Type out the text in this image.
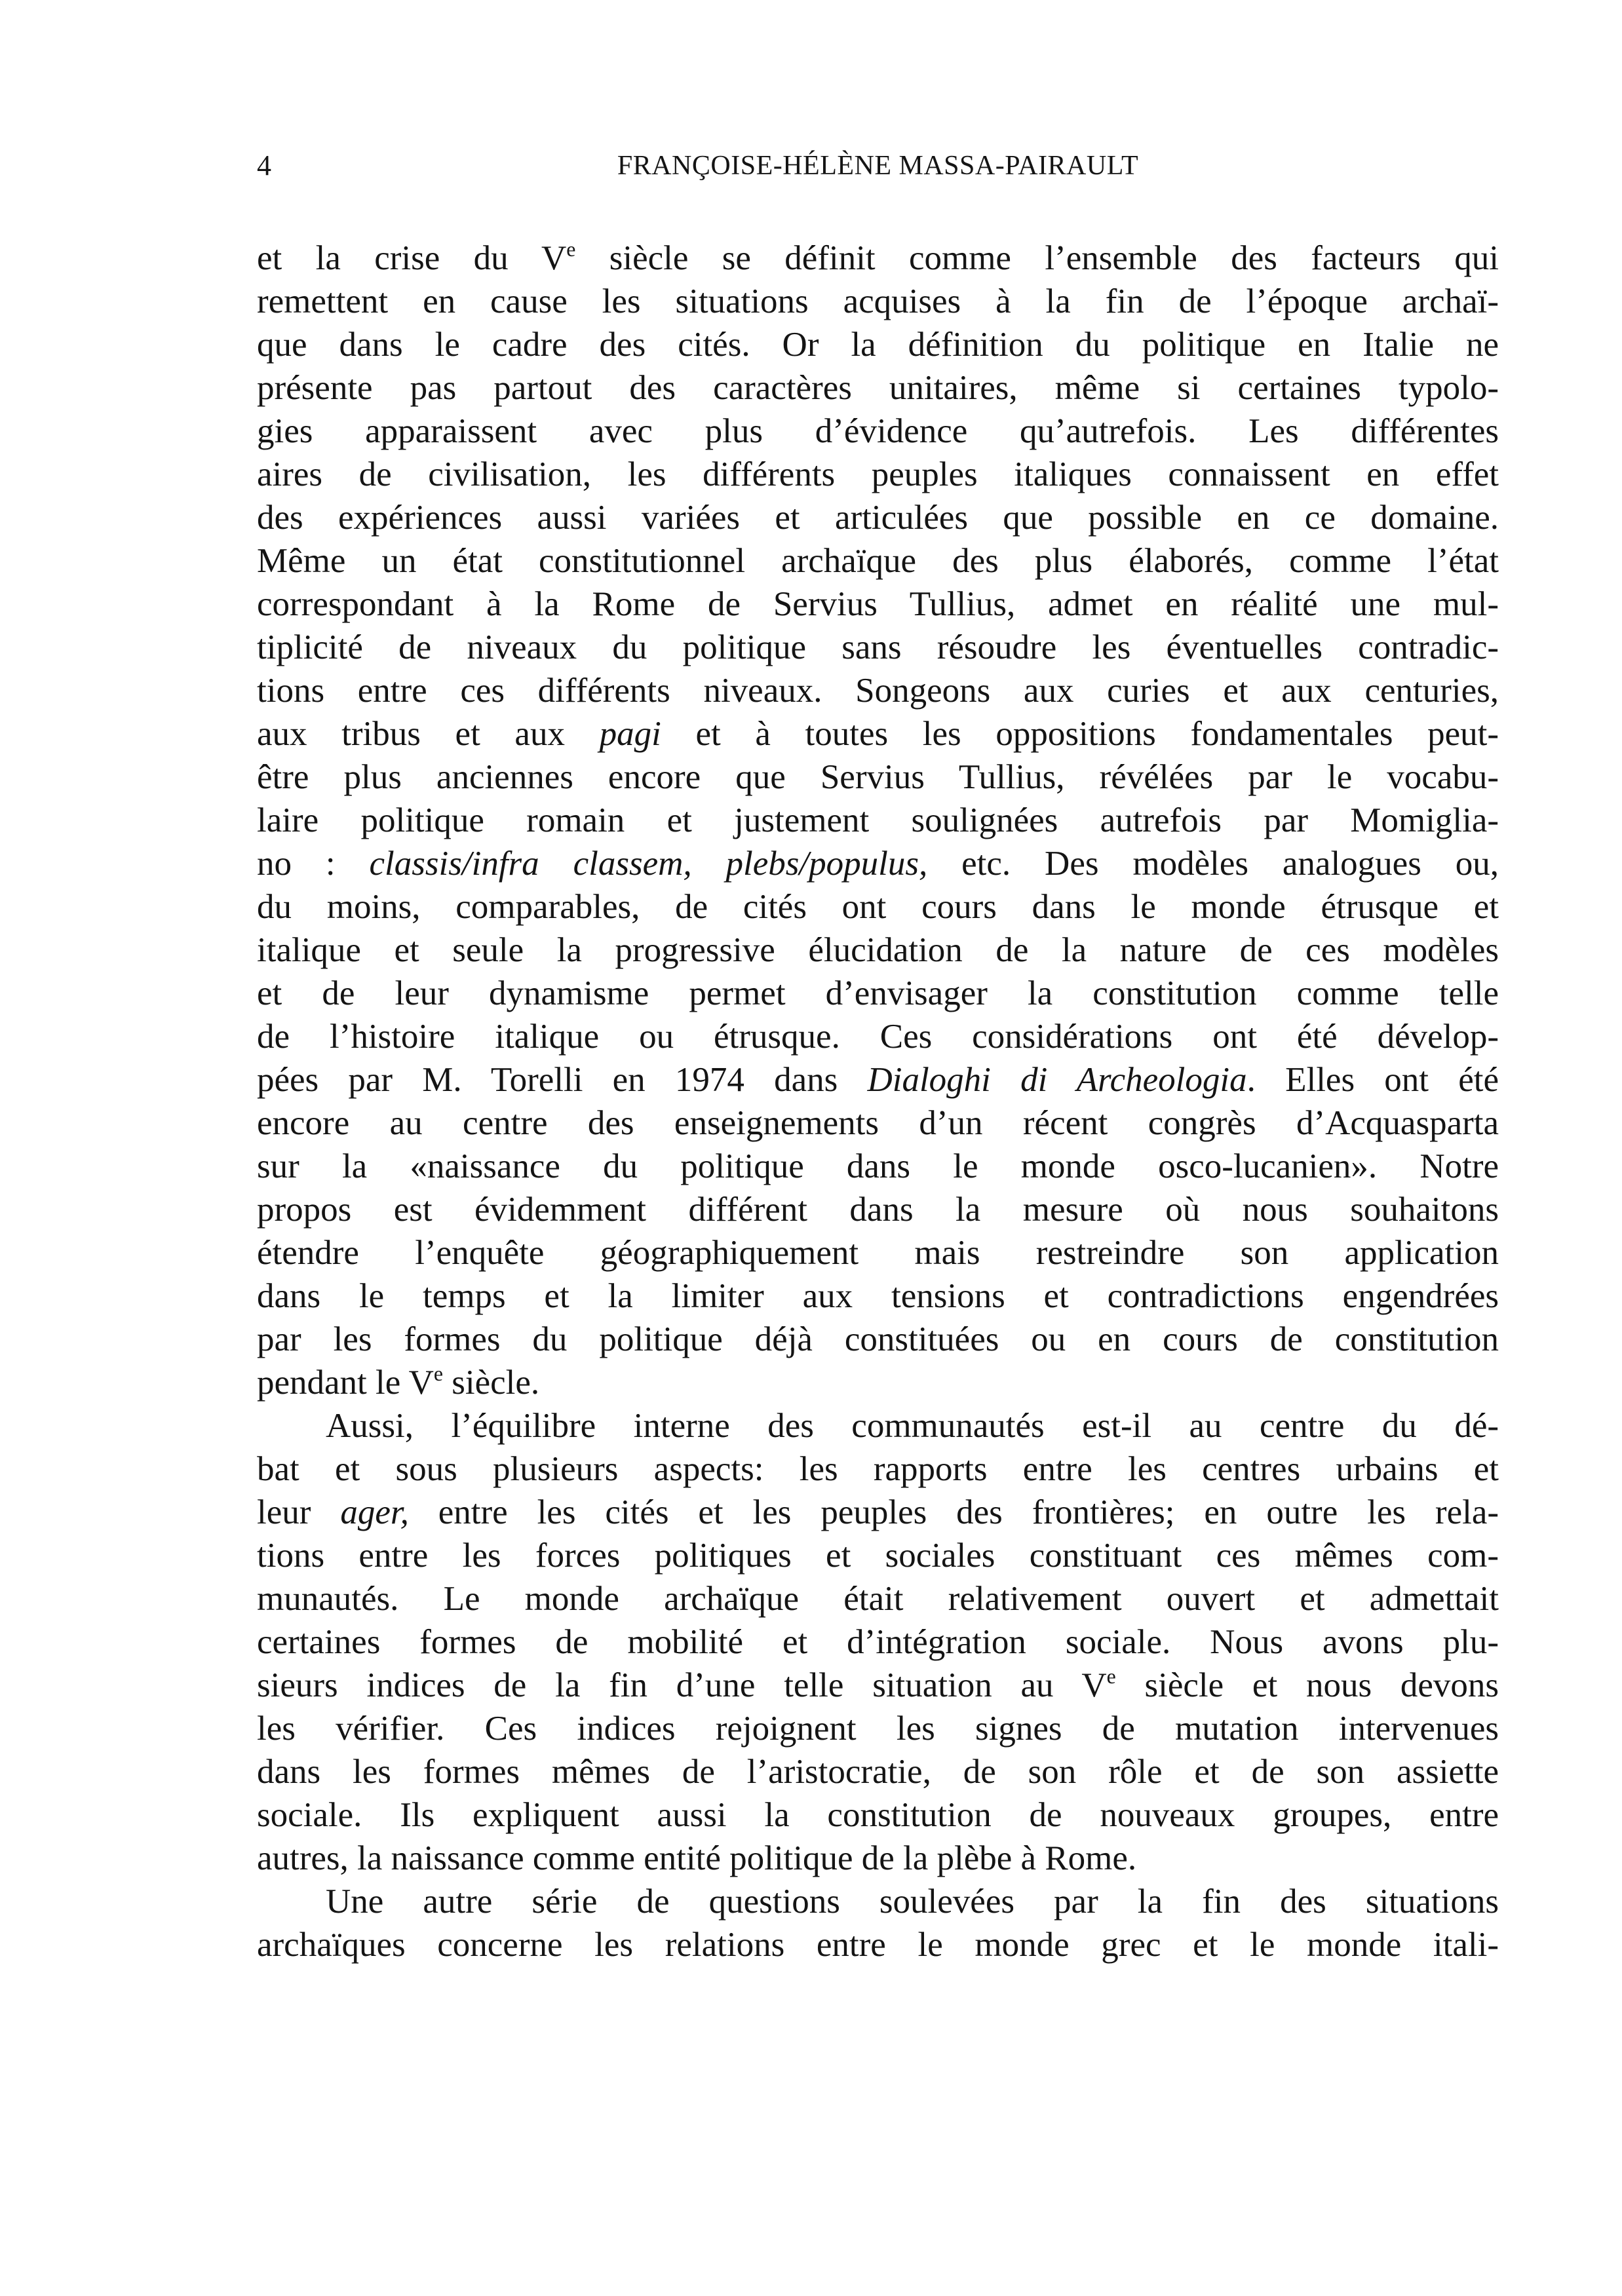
4	FRANÇOISE-HÉLÈNE MASSA-PAIRAULT
et la crise du Ve siècle se définit comme l’ensemble des facteurs qui
remettent en cause les situations acquises à la fin de l’époque archaï-
que dans le cadre des cités. Or la définition du politique en Italie ne
présente pas partout des caractères unitaires, même si certaines typolo-
gies apparaissent avec plus d’évidence qu’autrefois. Les différentes
aires de civilisation, les différents peuples italiques connaissent en effet
des expériences aussi variées et articulées que possible en ce domaine.
Même un état constitutionnel archaïque des plus élaborés, comme l’état
correspondant à la Rome de Servius Tullius, admet en réalité une mul-
tiplicité de niveaux du politique sans résoudre les éventuelles contradic-
tions entre ces différents niveaux. Songeons aux curies et aux centuries,
aux tribus et aux pagi et à toutes les oppositions fondamentales peut-
être plus anciennes encore que Servius Tullius, révélées par le vocabu-
laire politique romain et justement soulignées autrefois par Momiglia-
no : classis/infra classem, plebs/populus, etc. Des modèles analogues ou,
du moins, comparables, de cités ont cours dans le monde étrusque et
italique et seule la progressive élucidation de la nature de ces modèles
et de leur dynamisme permet d’envisager la constitution comme telle
de l’histoire italique ou étrusque. Ces considérations ont été dévelop-
pées par M. Torelli en 1974 dans Dialoghi di Archeologia. Elles ont été
encore au centre des enseignements d’un récent congrès d’Acquasparta
sur la «naissance du politique dans le monde osco-lucanien». Notre
propos est évidemment différent dans la mesure où nous souhaitons
étendre l’enquête géographiquement mais restreindre son application
dans le temps et la limiter aux tensions et contradictions engendrées
par les formes du politique déjà constituées ou en cours de constitution
pendant le Ve siècle.
Aussi, l’équilibre interne des communautés est-il au centre du dé-
bat et sous plusieurs aspects: les rapports entre les centres urbains et
leur ager, entre les cités et les peuples des frontières; en outre les rela-
tions entre les forces politiques et sociales constituant ces mêmes com-
munautés. Le monde archaïque était relativement ouvert et admettait
certaines formes de mobilité et d’intégration sociale. Nous avons plu-
sieurs indices de la fin d’une telle situation au Ve siècle et nous devons
les vérifier. Ces indices rejoignent les signes de mutation intervenues
dans les formes mêmes de l’aristocratie, de son rôle et de son assiette
sociale. Ils expliquent aussi la constitution de nouveaux groupes, entre
autres, la naissance comme entité politique de la plèbe à Rome.
Une autre série de questions soulevées par la fin des situations
archaïques concerne les relations entre le monde grec et le monde itali-
